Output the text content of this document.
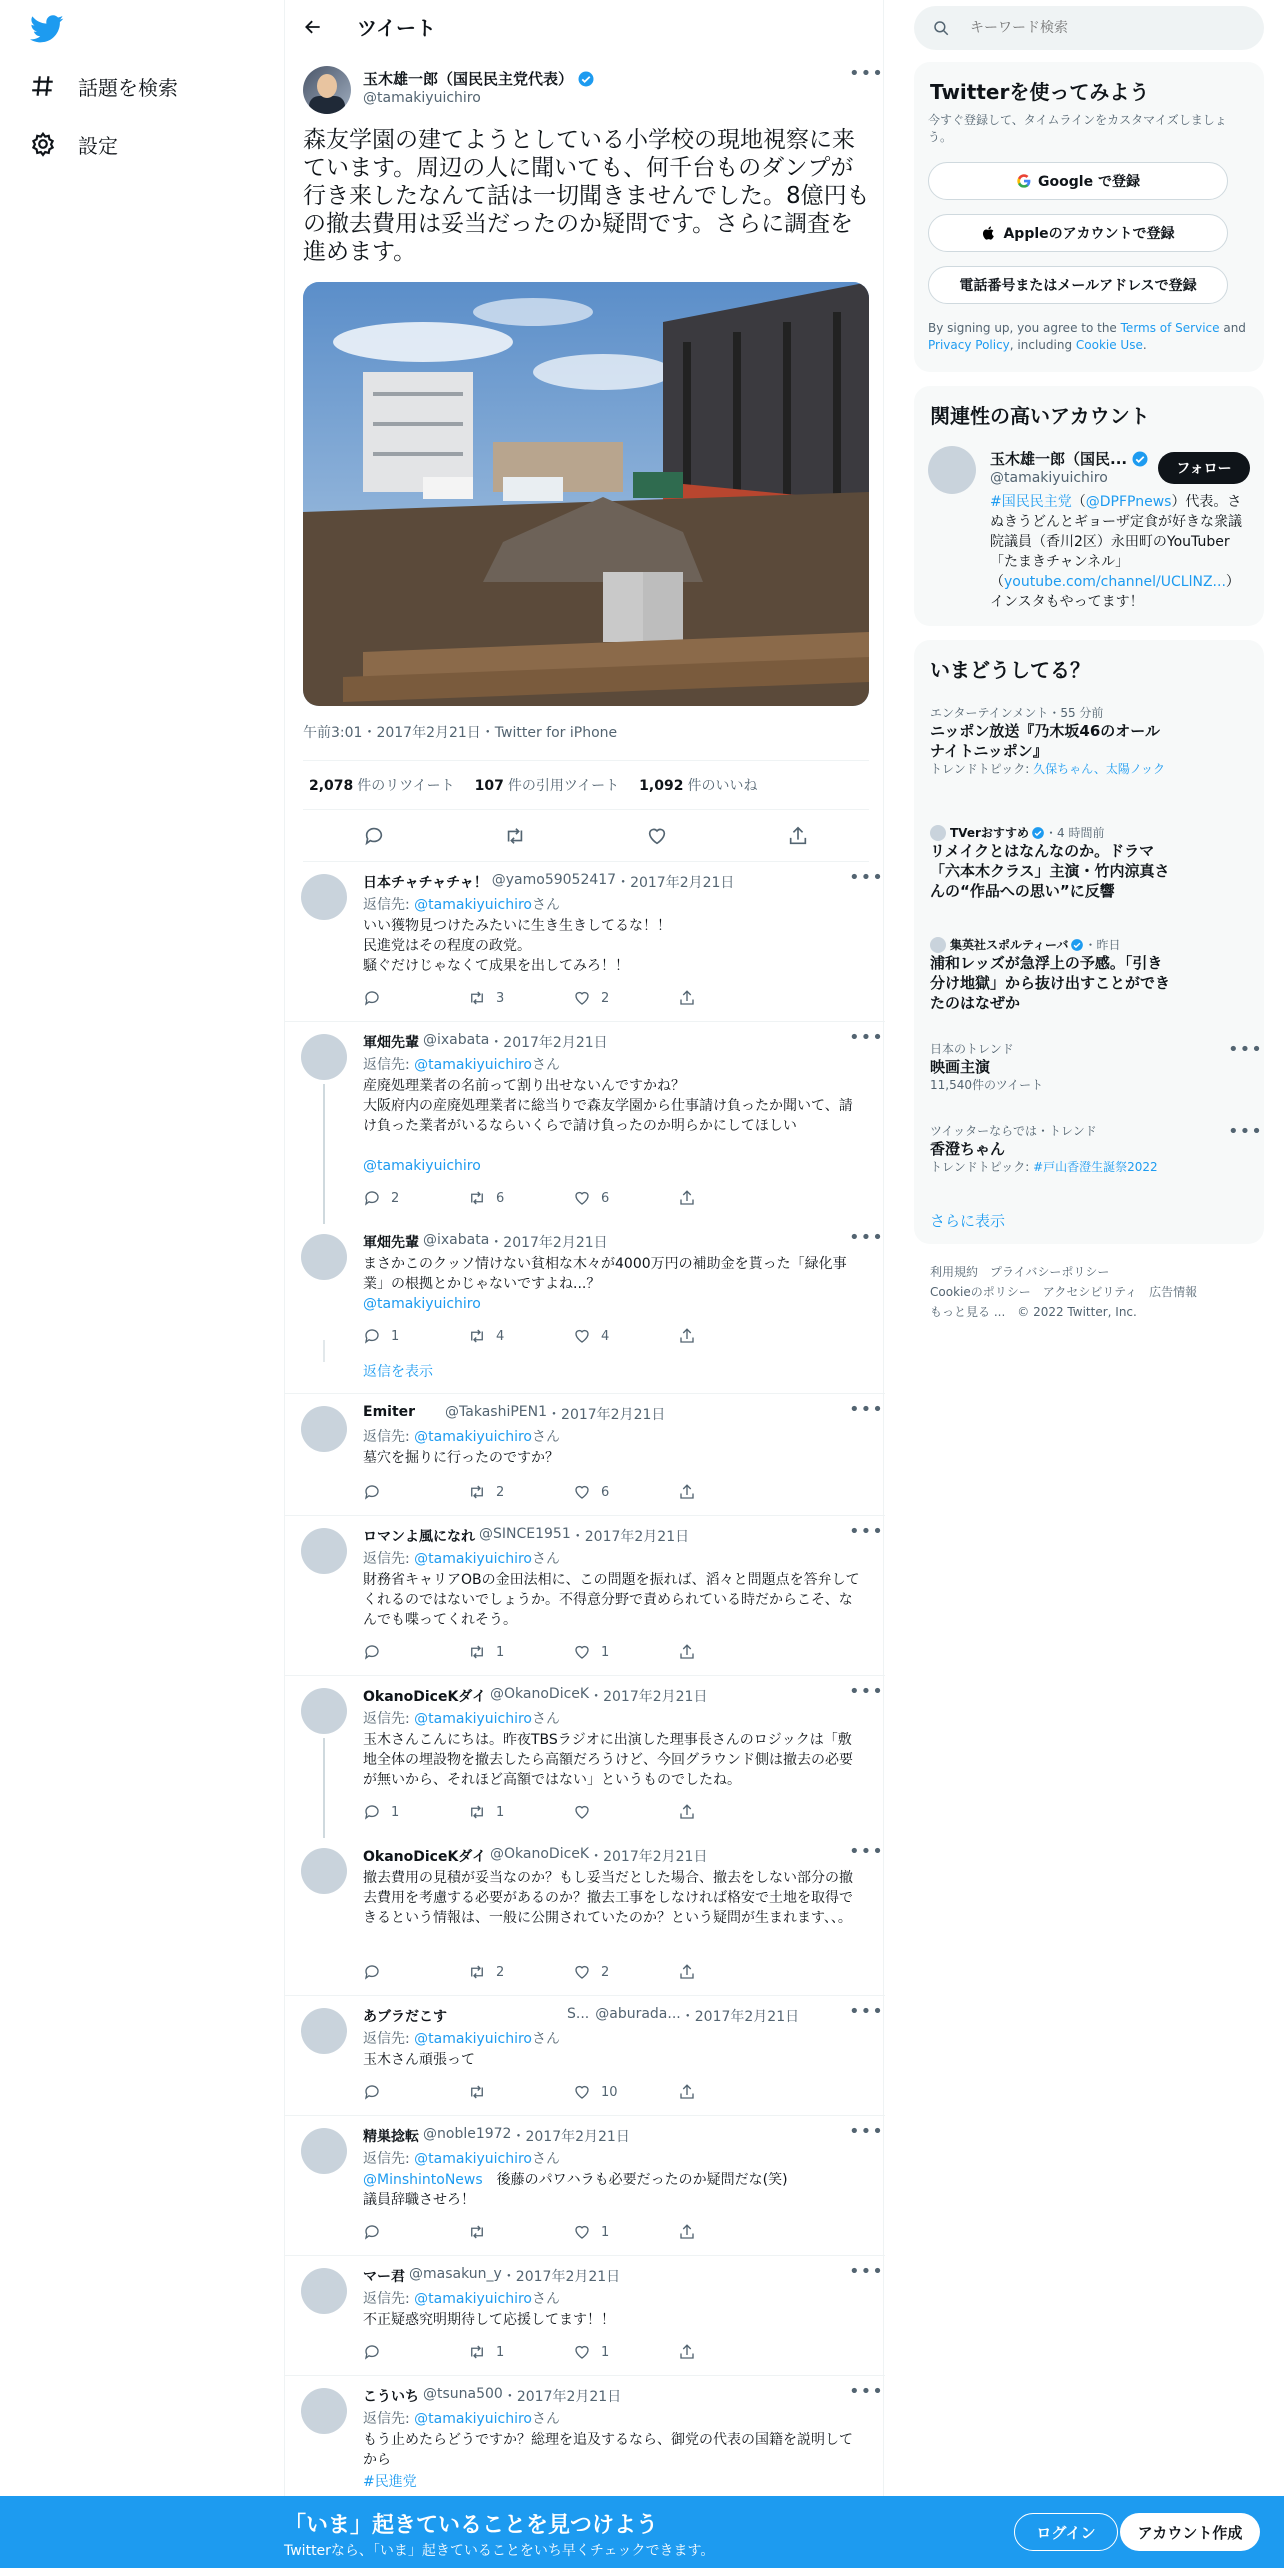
話題を検索
設定
ツイート
玉木雄一郎（国民民主党代表）
@tamakiyuichiro
•••
森友学園の建てようとしている小学校の現地視察に来ています。周辺の人に聞いても、何千台ものダンプが行き来したなんて話は一切聞きませんでした。8億円もの撤去費用は妥当だったのか疑問です。さらに調査を進めます。
午前3:01・2017年2月21日・Twitter for iPhone
2,078 件のリツイート 107 件の引用ツイート 1,092 件のいいね
日本チャチャチャ！ @yamo59052417 ・2017年2月21日	•••
返信先: @tamakiyuichiroさん
いい獲物見つけたみたいに生き生きしてるな！！
民進党はその程度の政党。
騒ぐだけじゃなくて成果を出してみろ！！
3	2
軍畑先輩 @ixabata ・2017年2月21日	•••
返信先: @tamakiyuichiroさん
産廃処理業者の名前って割り出せないんですかね？
大阪府内の産廃処理業者に総当りで森友学園から仕事請け負ったか聞いて、請け負った業者がいるならいくらで請け負ったのか明らかにしてほしい
@tamakiyuichiro
2	6	6
軍畑先輩 @ixabata ・2017年2月21日	•••
まさかこのクッソ情けない貧相な木々が4000万円の補助金を貰った「緑化事業」の根拠とかじゃないですよね...？
@tamakiyuichiro
1	4	4
返信を表示
Emiter @TakashiPEN1 ・2017年2月21日	•••
返信先: @tamakiyuichiroさん
墓穴を掘りに行ったのですか？
2	6
ロマンよ風になれ @SINCE1951 ・2017年2月21日	•••
返信先: @tamakiyuichiroさん
財務省キャリアOBの金田法相に、この問題を振れば、滔々と問題点を答弁してくれるのではないでしょうか。不得意分野で責められている時だからこそ、なんでも喋ってくれそう。
1	1
OkanoDiceKダイ @OkanoDiceK ・2017年2月21日	•••
返信先: @tamakiyuichiroさん
玉木さんこんにちは。昨夜TBSラジオに出演した理事長さんのロジックは「敷地全体の埋設物を撤去したら高額だろうけど、今回グラウンド側は撤去の必要が無いから、それほど高額ではない」というものでしたね。
1	1
OkanoDiceKダイ @OkanoDiceK ・2017年2月21日	•••
撤去費用の見積が妥当なのか？もし妥当だとした場合、撤去をしない部分の撤去費用を考慮する必要があるのか？撤去工事をしなければ格安で土地を取得できるという情報は、一般に公開されていたのか？という疑問が生まれます、、。
2	2
あブラだこす	S... @aburada... ・2017年2月21日	•••
返信先: @tamakiyuichiroさん
玉木さん頑張って
10
精巣捻転 @noble1972 ・2017年2月21日	•••
返信先: @tamakiyuichiroさん
@MinshintoNews　後藤のパワハラも必要だったのか疑問だな(笑)
議員辞職させろ！
1
マー君 @masakun_y ・2017年2月21日	•••
返信先: @tamakiyuichiroさん
不正疑惑究明期待して応援してます！！
1	1
こういち @tsuna500 ・2017年2月21日	•••
返信先: @tamakiyuichiroさん
もう止めたらどうですか？総理を追及するなら、御党の代表の国籍を説明してから
#民進党
キーワード検索
Twitterを使ってみよう
今すぐ登録して、タイムラインをカスタマイズしましょう。
Google で登録
Appleのアカウントで登録
電話番号またはメールアドレスで登録
By signing up, you agree to the Terms of Service and Privacy Policy, including Cookie Use.
関連性の高いアカウント
玉木雄一郎（国民...
@tamakiyuichiro
フォロー
#国民民主党（@DPFPnews）代表。さぬきうどんとギョーザ定食が好きな衆議院議員（香川2区）永田町のYouTuber「たまきチャンネル」（youtube.com/channel/UCLlNZ...）インスタもやってます！
いまどうしてる？
エンターテインメント・55 分前
ニッポン放送『乃木坂46のオールナイトニッポン』
トレンドトピック: 久保ちゃん、太陽ノック
TVerおすすめ ・4 時間前
リメイクとはなんなのか。ドラマ「六本木クラス」主演・竹内涼真さんの“作品への思い”に反響
集英社スポルティーバ ・昨日
浦和レッズが急浮上の予感。「引き分け地獄」から抜け出すことができたのはなぜか
日本のトレンド
映画主演
11,540件のツイート
•••
ツイッターならでは・トレンド
香澄ちゃん
トレンドトピック: #戸山香澄生誕祭2022
•••
さらに表示
利用規約　プライバシーポリシー
Cookieのポリシー　アクセシビリティ　広告情報
もっと見る ...　© 2022 Twitter, Inc.
「いま」起きていることを見つけよう
Twitterなら、「いま」起きていることをいち早くチェックできます。
ログイン	アカウント作成
